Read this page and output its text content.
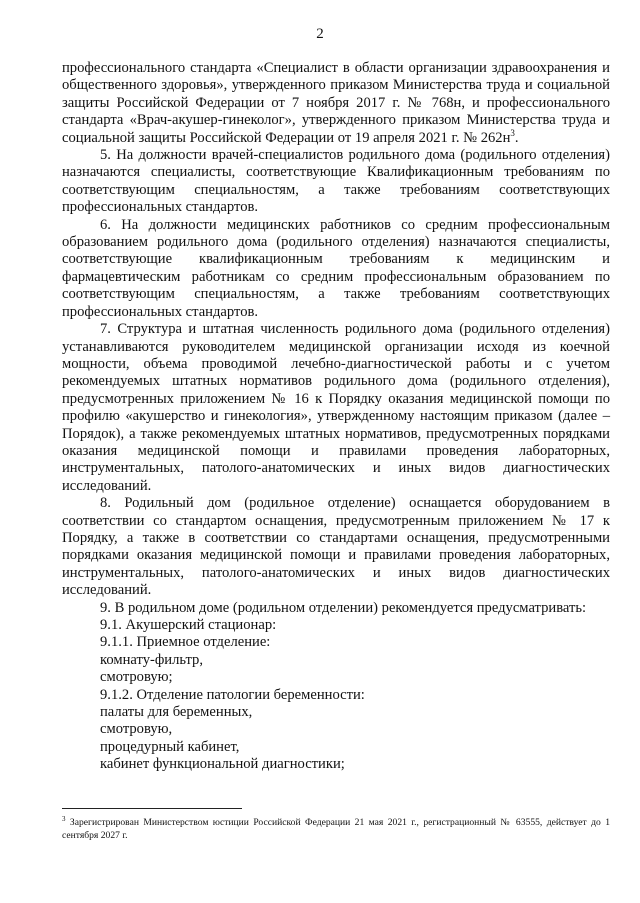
2

профессионального стандарта «Специалист в области организации здравоохранения и общественного здоровья», утвержденного приказом Министерства труда и социальной защиты Российской Федерации от 7 ноября 2017 г. № 768н, и профессионального стандарта «Врач-акушер-гинеколог», утвержденного приказом Министерства труда и социальной защиты Российской Федерации от 19 апреля 2021 г. № $262н^3$.

5. На должности врачей-специалистов родильного дома (родильного отделения) назначаются специалисты, соответствующие Квалификационным требованиям по соответствующим специальностям, а также требованиям соответствующих профессиональных стандартов.

6. На должности медицинских работников со средним профессиональным образованием родильного дома (родильного отделения) назначаются специалисты, соответствующие квалификационным требованиям к медицинским и фармацевтическим работникам со средним профессиональным образованием по соответствующим специальностям, а также требованиям соответствующих профессиональных стандартов.

7. Структура и штатная численность родильного дома (родильного отделения) устанавливаются руководителем медицинской организации исходя из коечной мощности, объема проводимой лечебно-диагностической работы и с учетом рекомендуемых штатных нормативов родильного дома (родильного отделения), предусмотренных приложением № 16 к Порядку оказания медицинской помощи по профилю «акушерство и гинекология», утвержденному настоящим приказом (далее – Порядок), а также рекомендуемых штатных нормативов, предусмотренных порядками оказания медицинской помощи и правилами проведения лабораторных, инструментальных, патолого-анатомических и иных видов диагностических исследований.

8. Родильный дом (родильное отделение) оснащается оборудованием в соответствии со стандартом оснащения, предусмотренным приложением № 17 к Порядку, а также в соответствии со стандартами оснащения, предусмотренными порядками оказания медицинской помощи и правилами проведения лабораторных, инструментальных, патолого-анатомических и иных видов диагностических исследований.

9. В родильном доме (родильном отделении) рекомендуется предусматривать:

9.1. Акушерский стационар:

9.1.1. Приемное отделение:

комнату-фильтр,

смотровую;

9.1.2. Отделение патологии беременности:

палаты для беременных,

смотровую,

процедурный кабинет,

кабинет функциональной диагностики;

$^3$ Зарегистрирован Министерством юстиции Российской Федерации 21 мая 2021 г., регистрационный № 63555, действует до 1 сентября 2027 г.
